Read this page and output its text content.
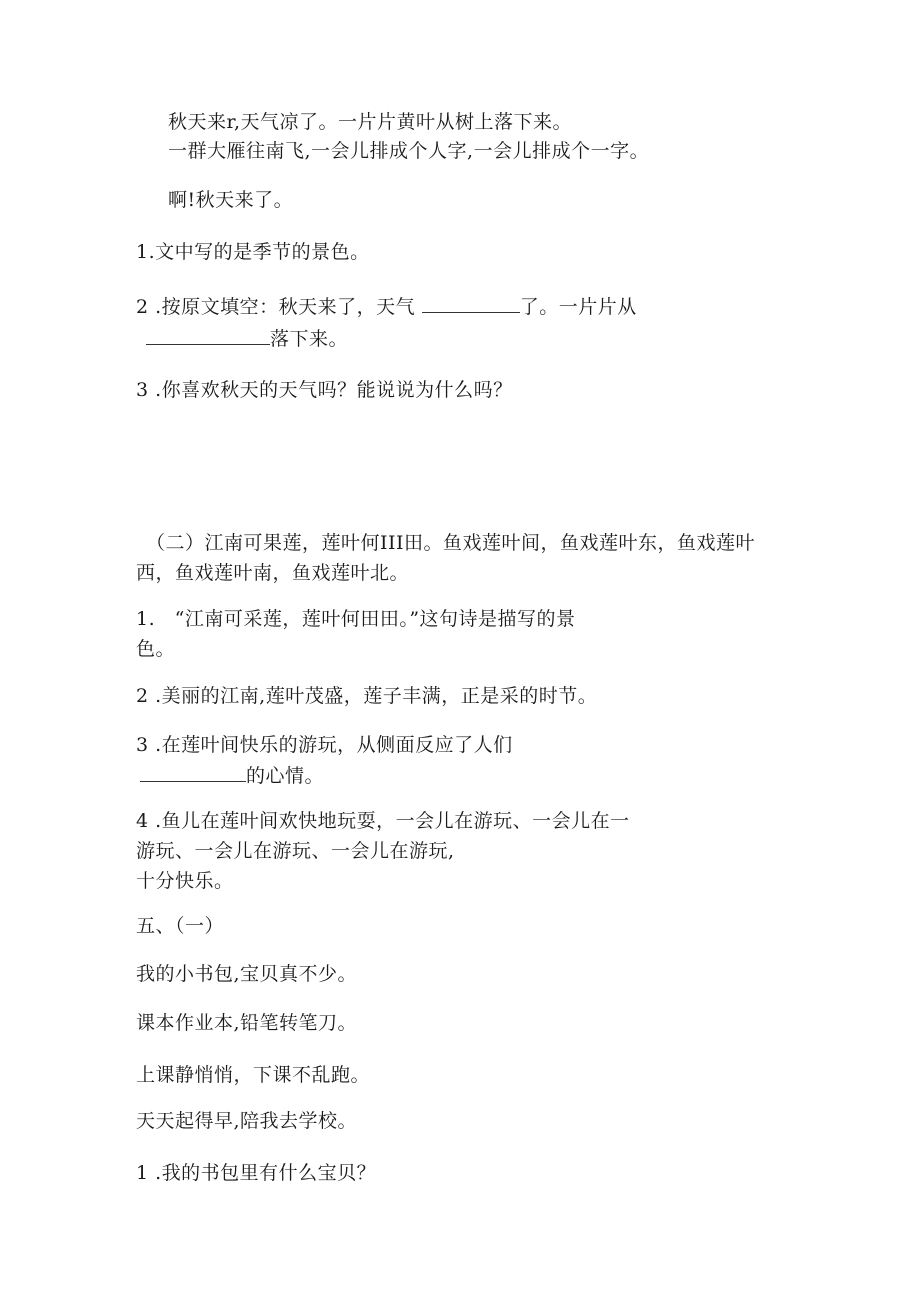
秋天来r,天气凉了。一片片黄叶从树上落下来。

一群大雁往南飞,一会儿排成个人字,一会儿排成个一字。

啊!秋天来了。

1.文中写的是季节的景色。

2 .按原文填空：秋天来了，天气	了。一片片从

落下来。

3 .你喜欢秋天的天气吗？能说说为什么吗？

（二）江南可果莲，莲叶何III田。鱼戏莲叶间，鱼戏莲叶东，鱼戏莲叶

西，鱼戏莲叶南，鱼戏莲叶北。

1.　“江南可采莲，莲叶何田田。”这句诗是描写的景

色。

2 .美丽的江南,莲叶茂盛，莲子丰满，正是采的时节。

3 .在莲叶间快乐的游玩，从侧面反应了人们

的心情。

4 .鱼儿在莲叶间欢快地玩耍，一会儿在游玩、一会儿在一

游玩、一会儿在游玩、一会儿在游玩,

十分快乐。

五、（一）

我的小书包,宝贝真不少。

课本作业本,铅笔转笔刀。

上课静悄悄，下课不乱跑。

天天起得早,陪我去学校。

1 .我的书包里有什么宝贝？
